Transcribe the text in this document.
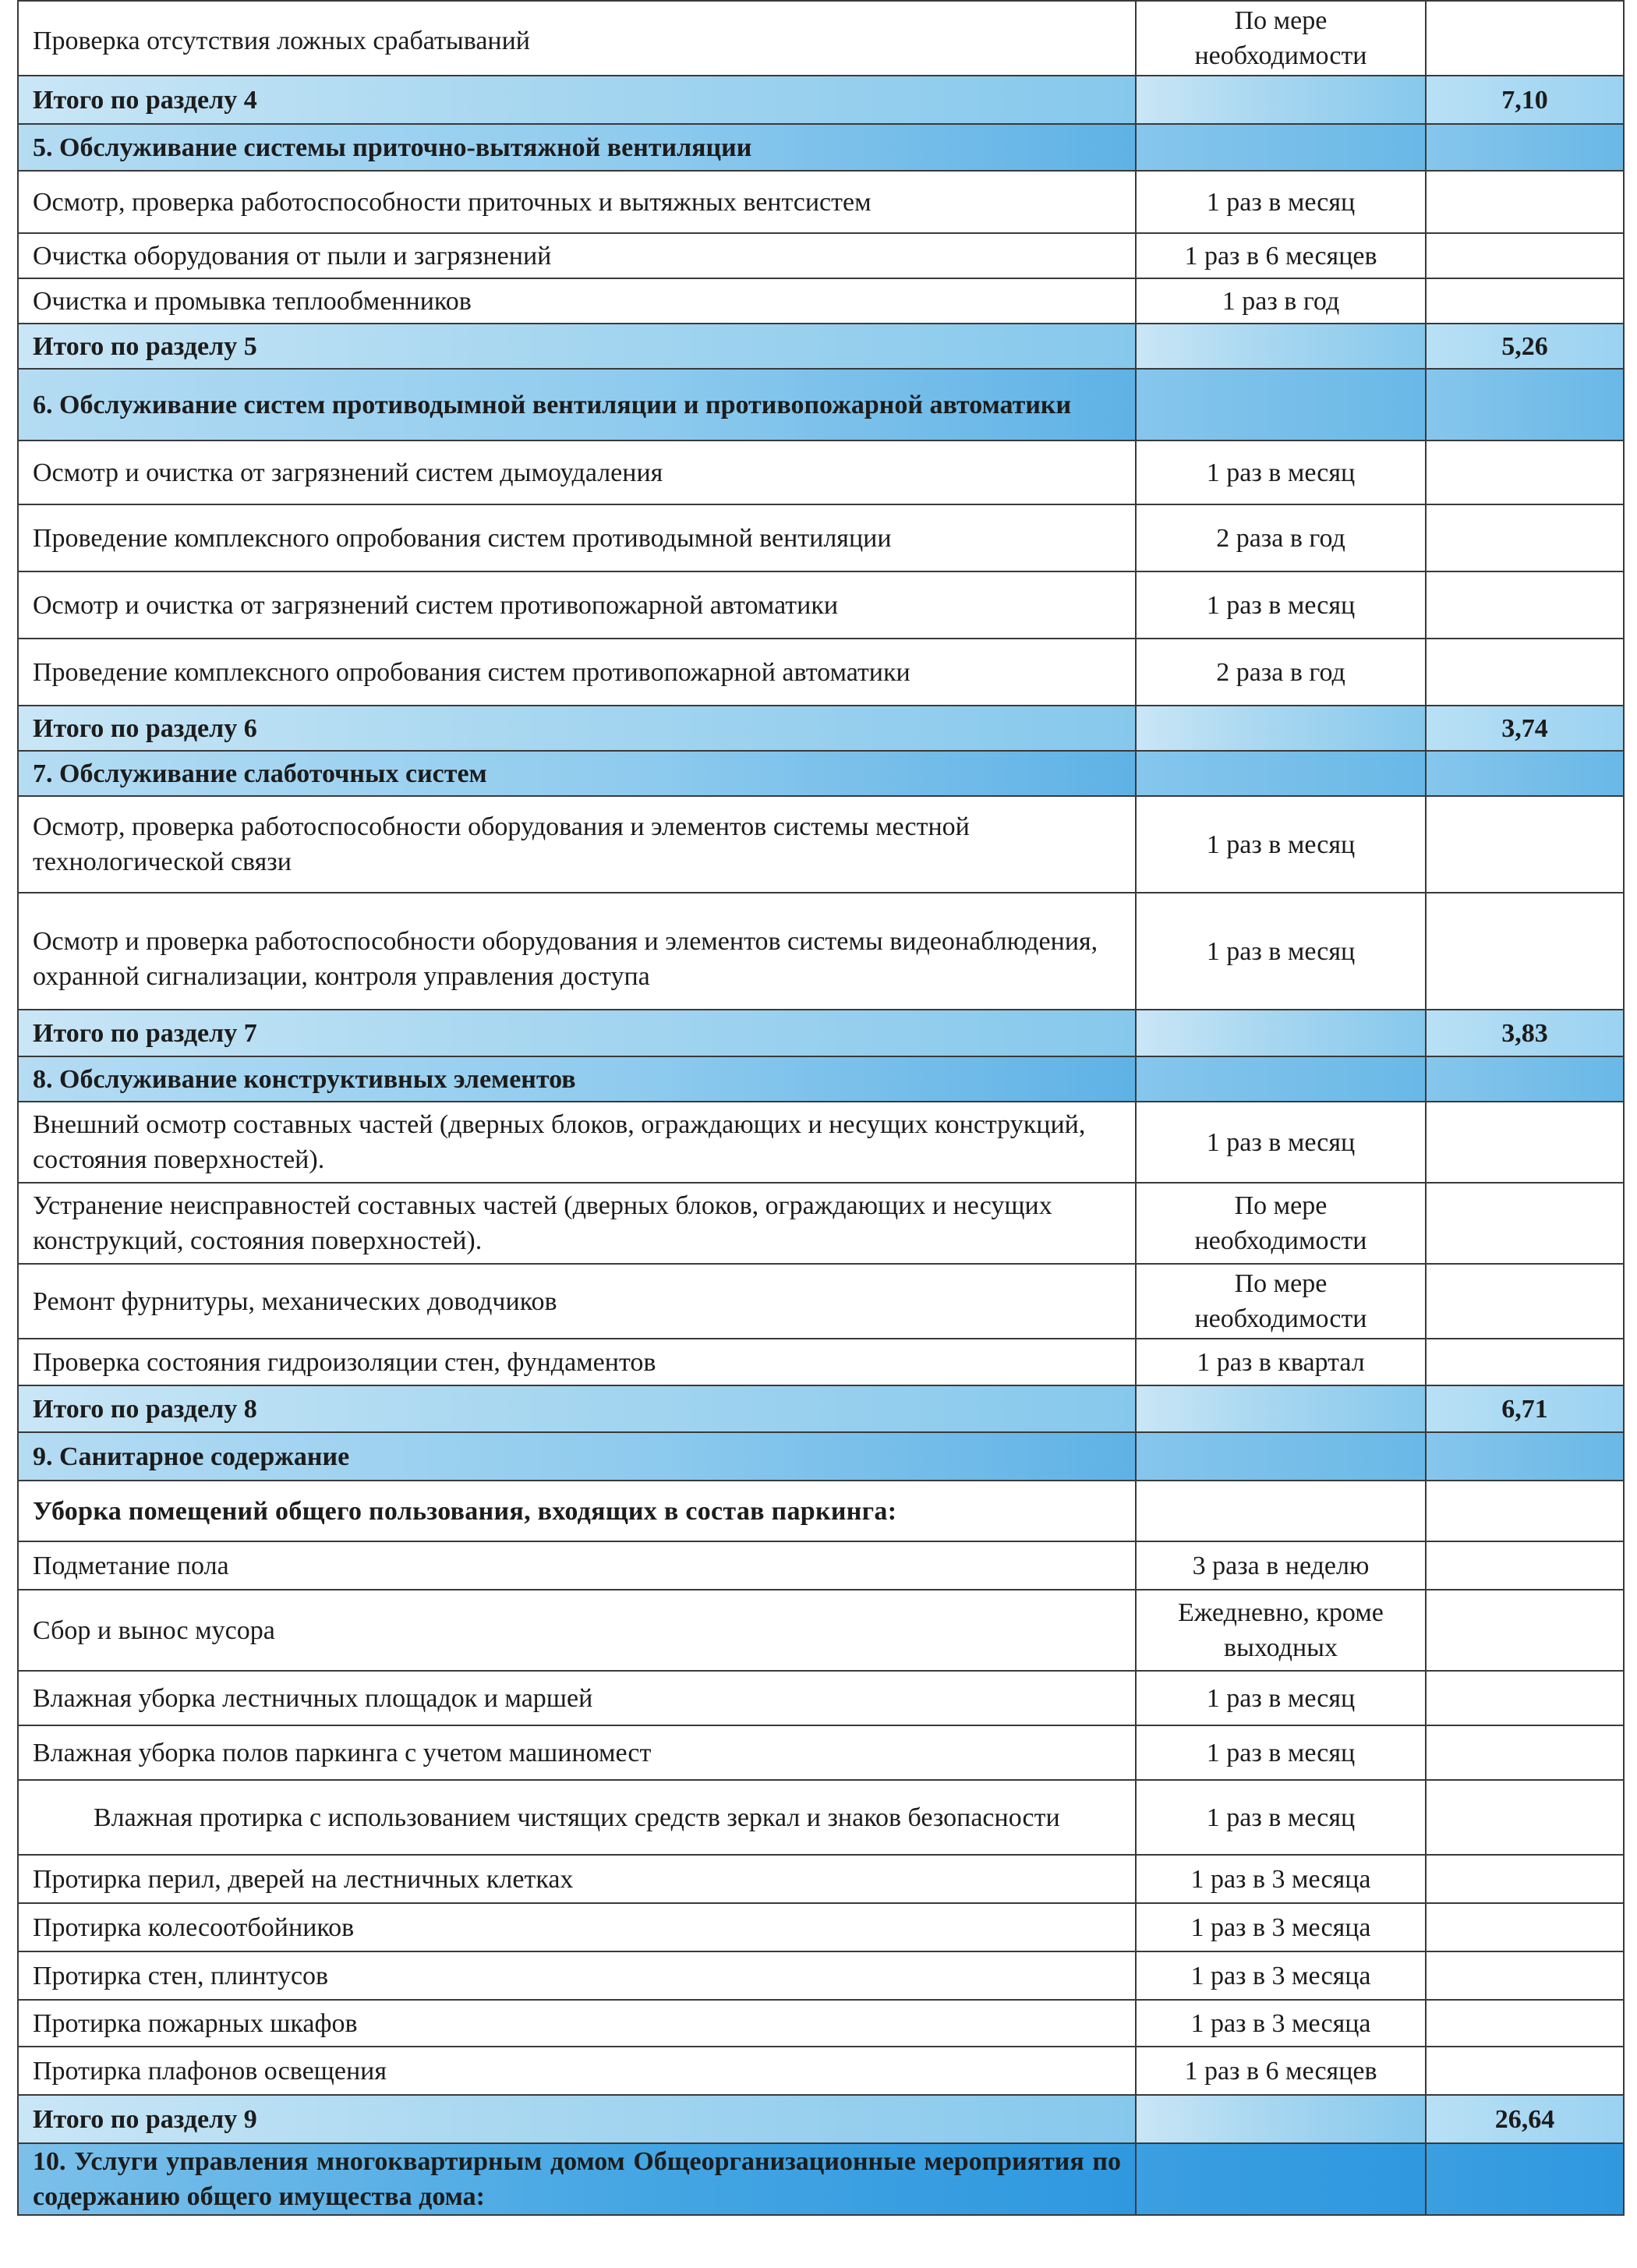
Проверка отсутствия ложных срабатываний	По мере необходимости	
Итого по разделу 4		7,10
5. Обслуживание системы приточно-вытяжной вентиляции		
Осмотр, проверка работоспособности приточных и вытяжных вентсистем	1 раз в месяц	
Очистка оборудования от пыли и загрязнений	1 раз в 6 месяцев	
Очистка и промывка теплообменников	1 раз в год	
Итого по разделу 5		5,26
6. Обслуживание систем противодымной вентиляции и противопожарной автоматики		
Осмотр и очистка от загрязнений систем дымоудаления	1 раз в месяц	
Проведение комплексного опробования систем противодымной вентиляции	2 раза в год	
Осмотр и очистка от загрязнений систем противопожарной автоматики	1 раз в месяц	
Проведение комплексного опробования систем противопожарной автоматики	2 раза в год	
Итого по разделу 6		3,74
7. Обслуживание слаботочных систем		
Осмотр, проверка работоспособности оборудования и элементов системы местной технологической связи	1 раз в месяц	
Осмотр и проверка работоспособности оборудования и элементов системы видеонаблюдения, охранной сигнализации, контроля управления доступа	1 раз в месяц	
Итого по разделу 7		3,83
8. Обслуживание конструктивных элементов		
Внешний осмотр составных частей (дверных блоков, ограждающих и несущих конструкций, состояния поверхностей).	1 раз в месяц	
Устранение неисправностей составных частей (дверных блоков, ограждающих и несущих конструкций, состояния поверхностей).	По мере необходимости	
Ремонт фурнитуры, механических доводчиков	По мере необходимости	
Проверка состояния гидроизоляции стен, фундаментов	1 раз в квартал	
Итого по разделу 8		6,71
9. Санитарное содержание		
Уборка помещений общего пользования, входящих в состав паркинга:		
Подметание пола	3 раза в неделю	
Сбор и вынос мусора	Ежедневно, кроме выходных	
Влажная уборка лестничных площадок и маршей	1 раз в месяц	
Влажная уборка полов паркинга с учетом машиномест	1 раз в месяц	
Влажная протирка с использованием чистящих средств зеркал и знаков безопасности	1 раз в месяц	
Протирка перил, дверей на лестничных клетках	1 раз в 3 месяца	
Протирка колесоотбойников	1 раз в 3 месяца	
Протирка стен, плинтусов	1 раз в 3 месяца	
Протирка пожарных шкафов	1 раз в 3 месяца	
Протирка плафонов освещения	1 раз в 6 месяцев	
Итого по разделу 9		26,64
10. Услуги управления многоквартирным домом Общеорганизационные мероприятия по содержанию общего имущества дома:		
